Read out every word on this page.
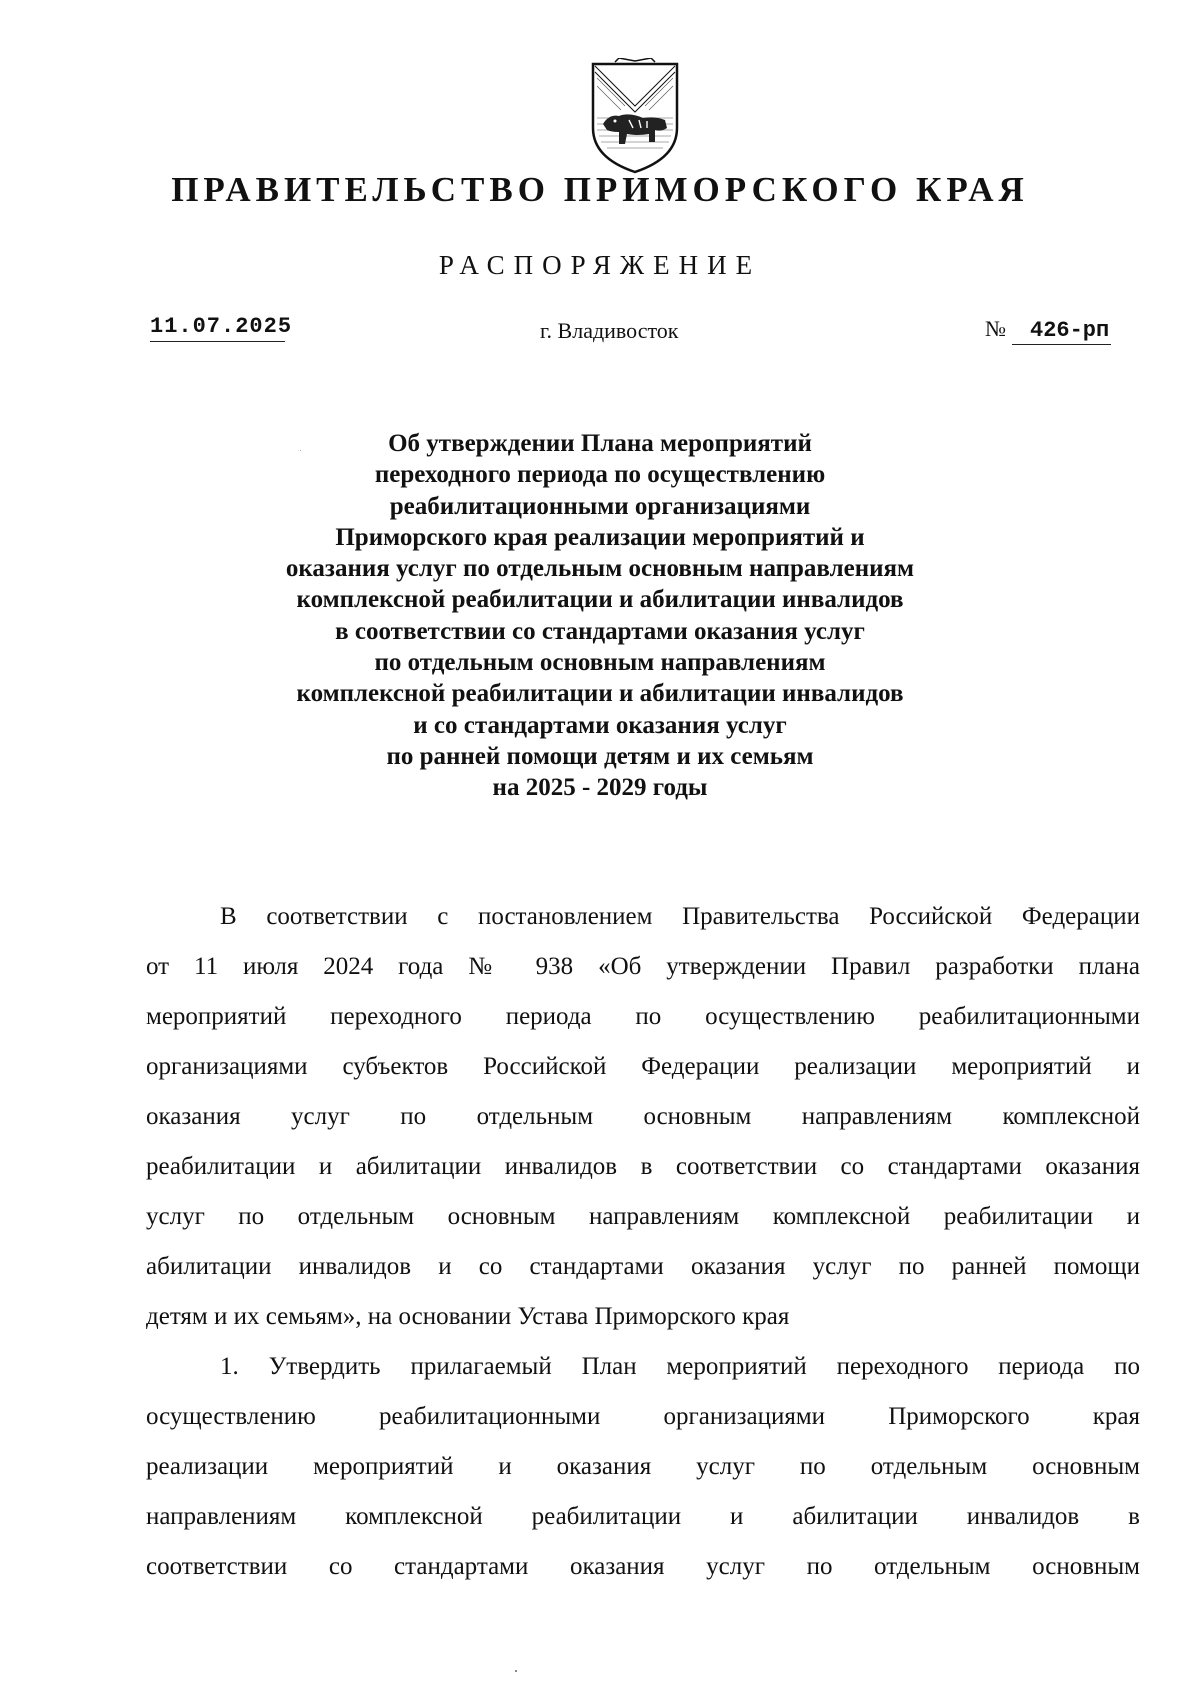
ПРАВИТЕЛЬСТВО ПРИМОРСКОГО КРАЯ
РАСПОРЯЖЕНИЕ
11.07.2025	г. Владивосток	№ 426-рп
Об утверждении Плана мероприятий
переходного периода по осуществлению
реабилитационными организациями
Приморского края реализации мероприятий и
оказания услуг по отдельным основным направлениям
комплексной реабилитации и абилитации инвалидов
в соответствии со стандартами оказания услуг
по отдельным основным направлениям
комплексной реабилитации и абилитации инвалидов
и со стандартами оказания услуг
по ранней помощи детям и их семьям
на 2025 - 2029 годы
В соответствии с постановлением Правительства Российской Федерации
от 11 июля 2024 года № 938 «Об утверждении Правил разработки плана
мероприятий переходного периода по осуществлению реабилитационными
организациями субъектов Российской Федерации реализации мероприятий и
оказания услуг по отдельным основным направлениям комплексной
реабилитации и абилитации инвалидов в соответствии со стандартами оказания
услуг по отдельным основным направлениям комплексной реабилитации и
абилитации инвалидов и со стандартами оказания услуг по ранней помощи
детям и их семьям», на основании Устава Приморского края
1. Утвердить прилагаемый План мероприятий переходного периода по
осуществлению реабилитационными организациями Приморского края
реализации мероприятий и оказания услуг по отдельным основным
направлениям комплексной реабилитации и абилитации инвалидов в
соответствии со стандартами оказания услуг по отдельным основным
